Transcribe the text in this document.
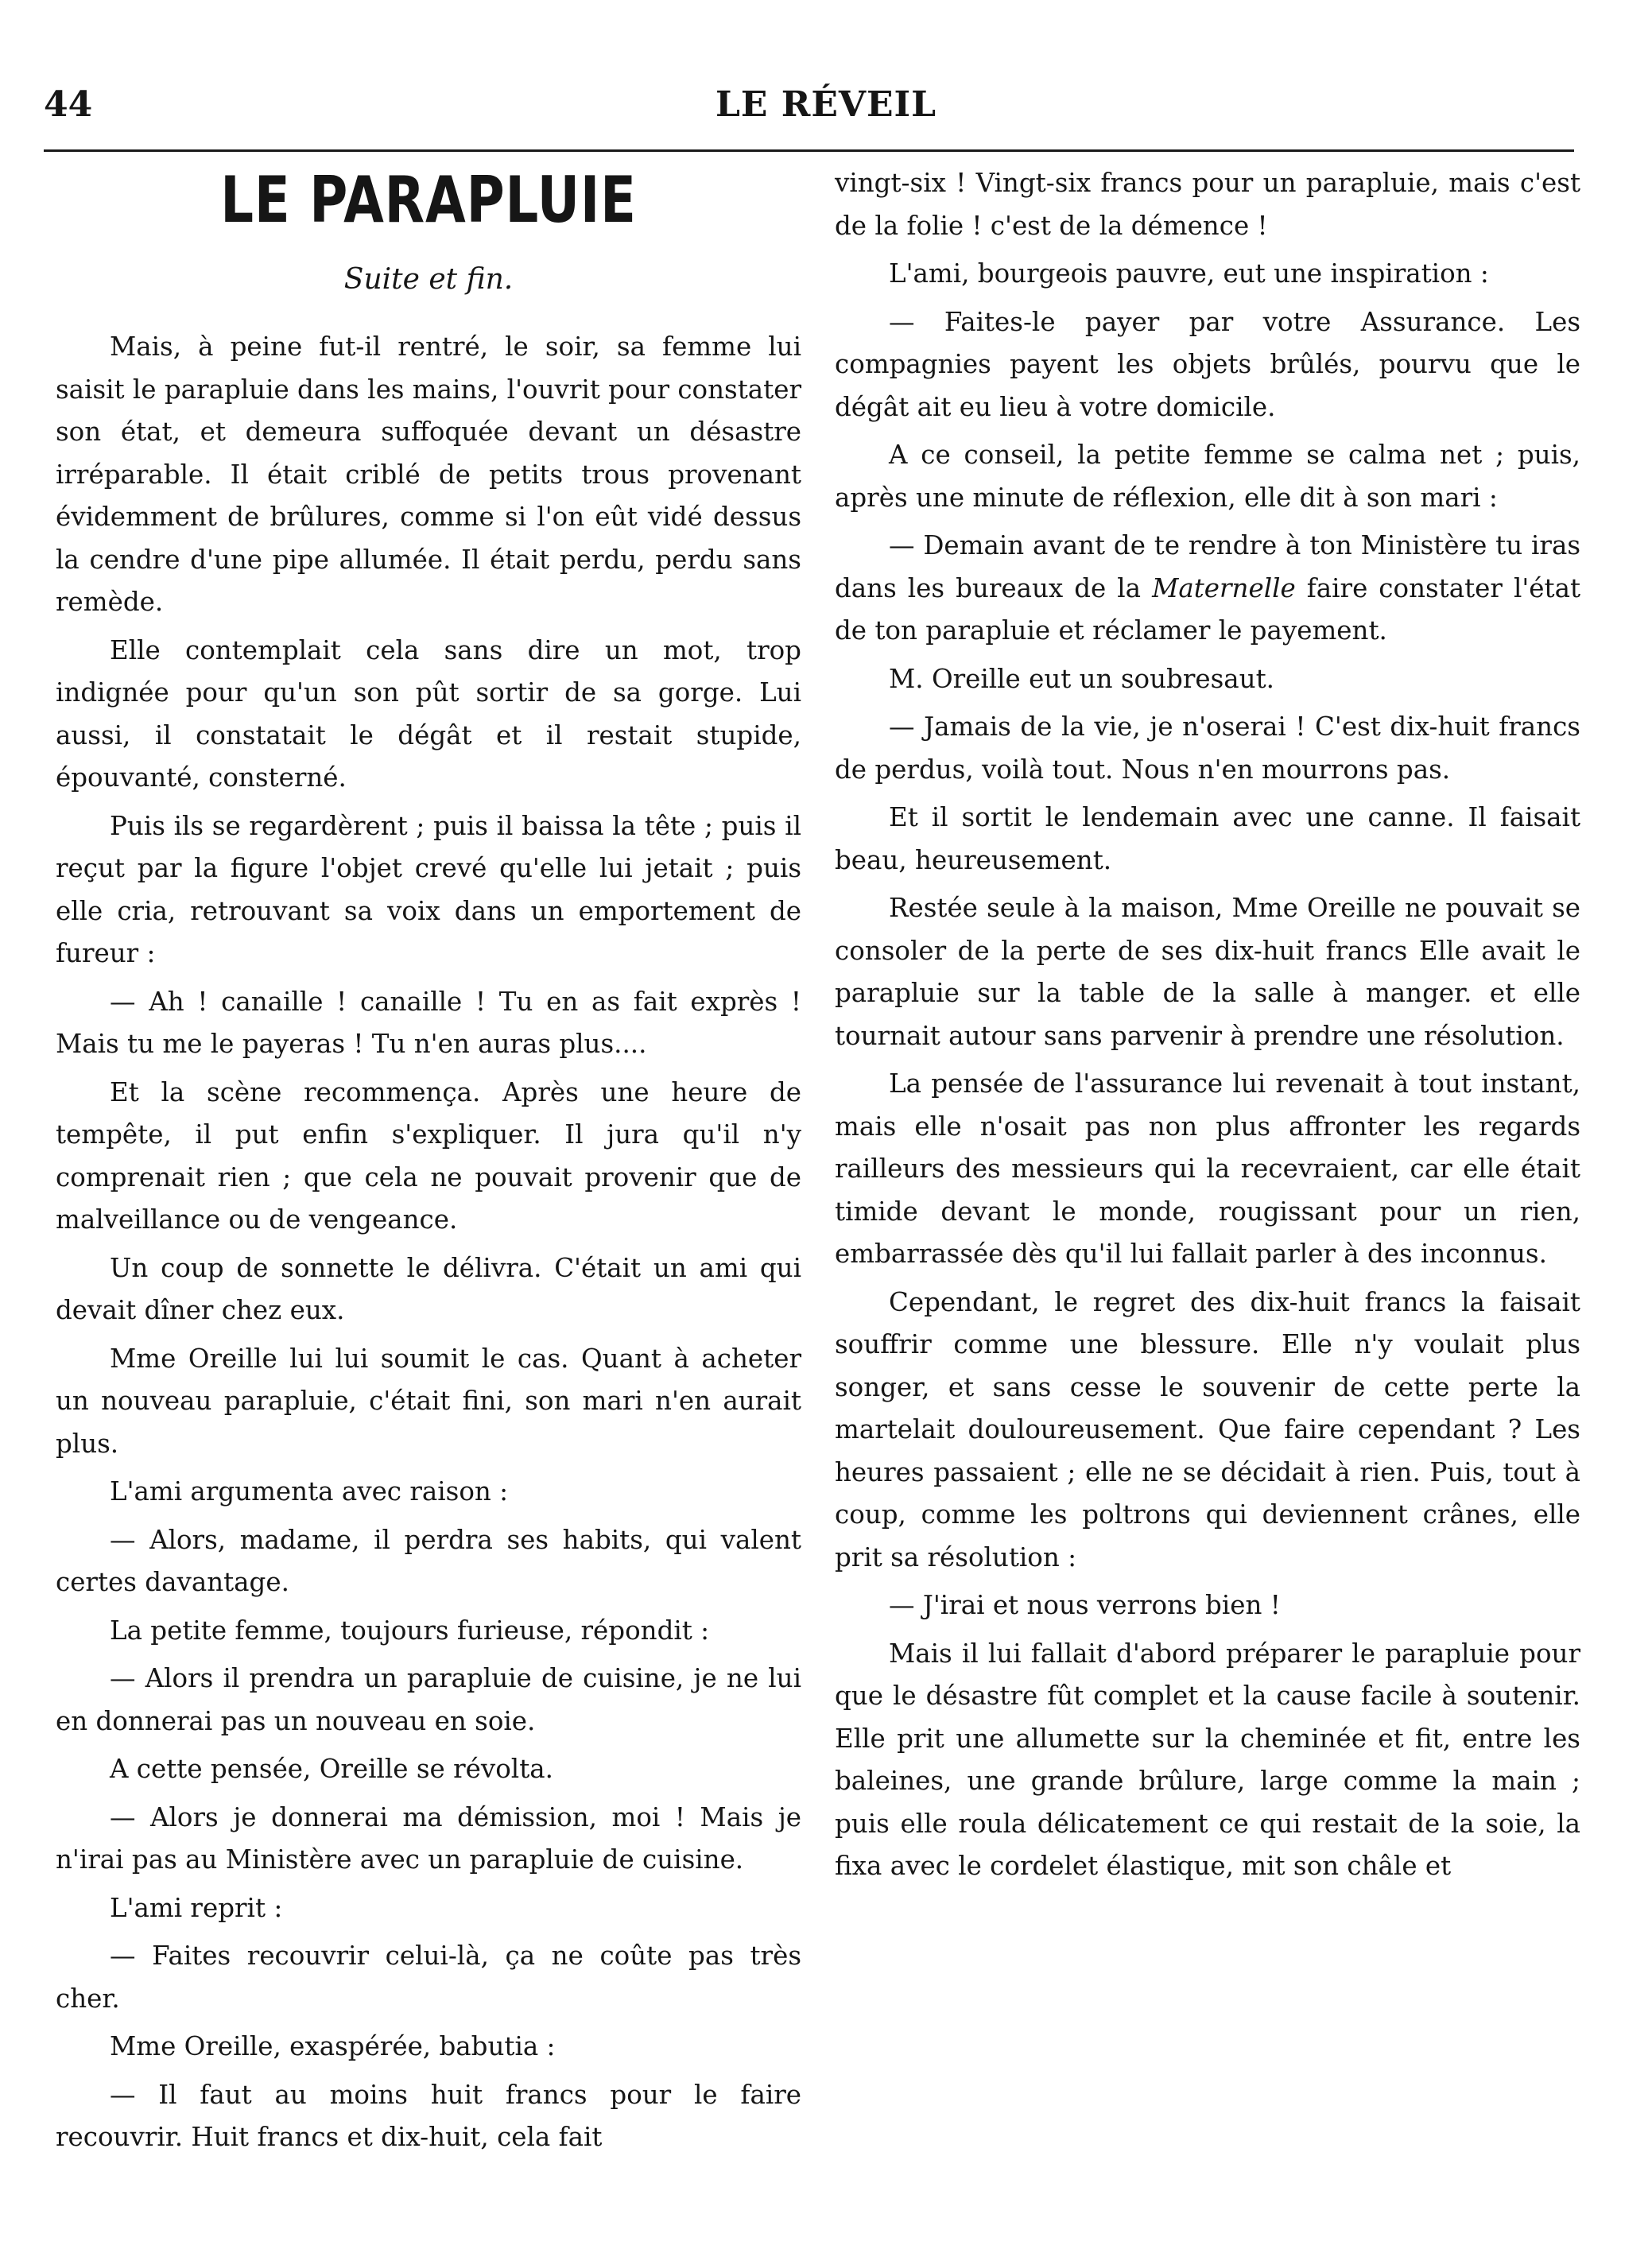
44	LE RÉVEIL
LE PARAPLUIE
Suite et fin.

Mais, à peine fut-il rentré, le soir, sa femme lui saisit le parapluie dans les mains, l'ouvrit pour constater son état, et demeura suffoquée devant un désastre irréparable. Il était criblé de petits trous provenant évidemment de brûlures, comme si l'on eût vidé dessus la cendre d'une pipe allumée. Il était perdu, perdu sans remède.

Elle contemplait cela sans dire un mot, trop indignée pour qu'un son pût sortir de sa gorge. Lui aussi, il constatait le dégât et il restait stupide, épouvanté, consterné.

Puis ils se regardèrent ; puis il baissa la tête ; puis il reçut par la figure l'objet crevé qu'elle lui jetait ; puis elle cria, retrouvant sa voix dans un emportement de fureur :

— Ah ! canaille ! canaille ! Tu en as fait exprès ! Mais tu me le payeras ! Tu n'en auras plus....

Et la scène recommença. Après une heure de tempête, il put enfin s'expliquer. Il jura qu'il n'y comprenait rien ; que cela ne pouvait provenir que de malveillance ou de vengeance.

Un coup de sonnette le délivra. C'était un ami qui devait dîner chez eux.

Mme Oreille lui lui soumit le cas. Quant à acheter un nouveau parapluie, c'était fini, son mari n'en aurait plus.

L'ami argumenta avec raison :

— Alors, madame, il perdra ses habits, qui valent certes davantage.

La petite femme, toujours furieuse, répondit :

— Alors il prendra un parapluie de cuisine, je ne lui en donnerai pas un nouveau en soie.

A cette pensée, Oreille se révolta.

— Alors je donnerai ma démission, moi ! Mais je n'irai pas au Ministère avec un parapluie de cuisine.

L'ami reprit :

— Faites recouvrir celui-là, ça ne coûte pas très cher.

Mme Oreille, exaspérée, babutia :

— Il faut au moins huit francs pour le faire recouvrir. Huit francs et dix-huit, cela fait

vingt-six ! Vingt-six francs pour un parapluie, mais c'est de la folie ! c'est de la démence !

L'ami, bourgeois pauvre, eut une inspiration :

— Faites-le payer par votre Assurance. Les compagnies payent les objets brûlés, pourvu que le dégât ait eu lieu à votre domicile.

A ce conseil, la petite femme se calma net ; puis, après une minute de réflexion, elle dit à son mari :

— Demain avant de te rendre à ton Ministère tu iras dans les bureaux de la Maternelle faire constater l'état de ton parapluie et réclamer le payement.

M. Oreille eut un soubresaut.

— Jamais de la vie, je n'oserai ! C'est dix-huit francs de perdus, voilà tout. Nous n'en mourrons pas.

Et il sortit le lendemain avec une canne. Il faisait beau, heureusement.

Restée seule à la maison, Mme Oreille ne pouvait se consoler de la perte de ses dix-huit francs Elle avait le parapluie sur la table de la salle à manger. et elle tournait autour sans parvenir à prendre une résolution.

La pensée de l'assurance lui revenait à tout instant, mais elle n'osait pas non plus affronter les regards railleurs des messieurs qui la recevraient, car elle était timide devant le monde, rougissant pour un rien, embarrassée dès qu'il lui fallait parler à des inconnus.

Cependant, le regret des dix-huit francs la faisait souffrir comme une blessure. Elle n'y voulait plus songer, et sans cesse le souvenir de cette perte la martelait douloureusement. Que faire cependant ? Les heures passaient ; elle ne se décidait à rien. Puis, tout à coup, comme les poltrons qui deviennent crânes, elle prit sa résolution :

— J'irai et nous verrons bien !

Mais il lui fallait d'abord préparer le parapluie pour que le désastre fût complet et la cause facile à soutenir. Elle prit une allumette sur la cheminée et fit, entre les baleines, une grande brûlure, large comme la main ; puis elle roula délicatement ce qui restait de la soie, la fixa avec le cordelet élastique, mit son châle et
